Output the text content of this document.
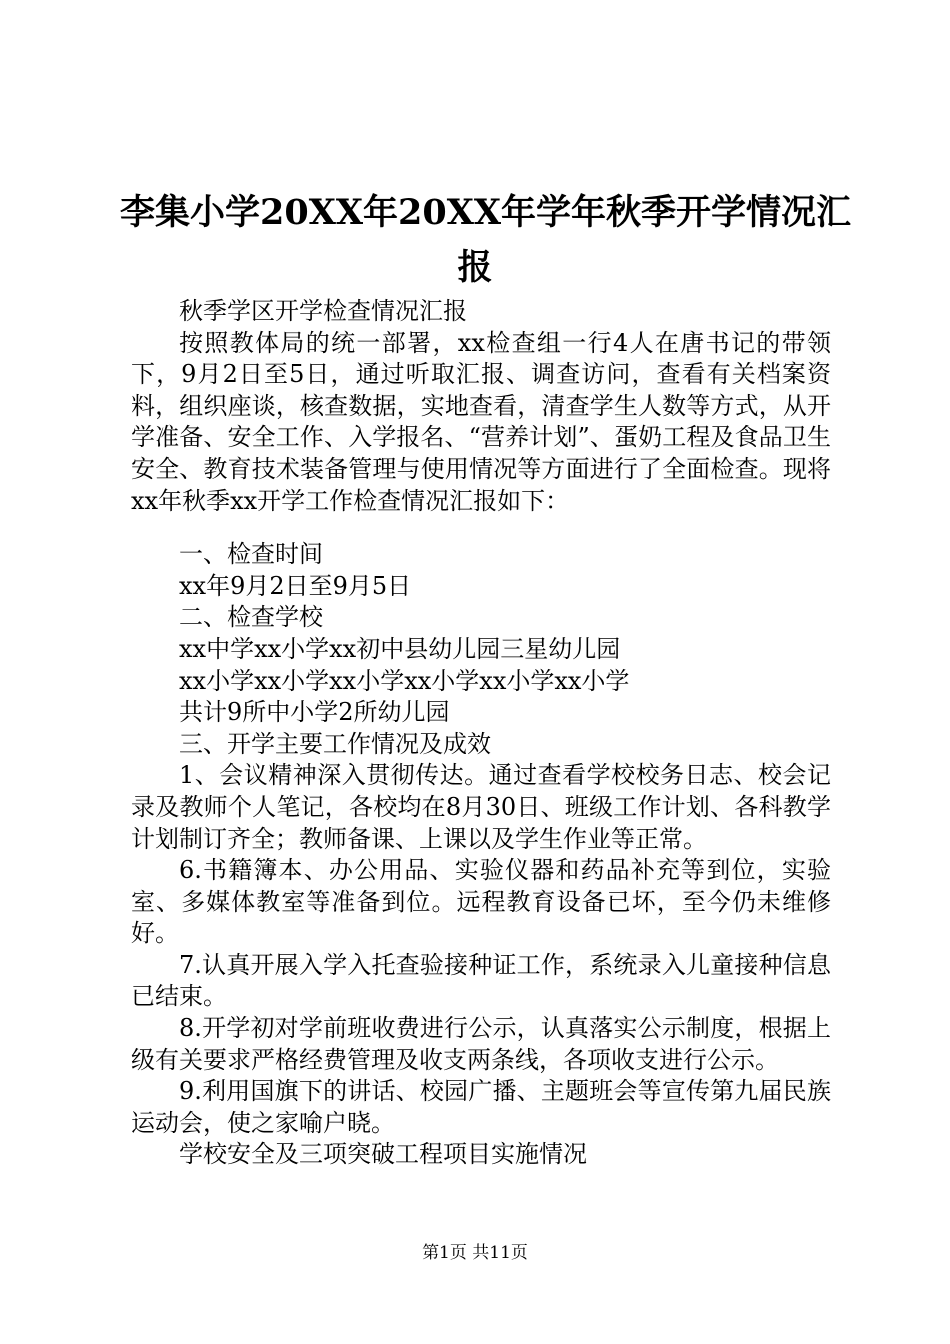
李集小学20XX年20XX年学年秋季开学情况汇
报

秋季学区开学检查情况汇报

按照教体局的统一部署，xx检查组一行4人在唐书记的带领下，9月2日至5日，通过听取汇报、调查访问，查看有关档案资料，组织座谈，核查数据，实地查看，清查学生人数等方式，从开学准备、安全工作、入学报名、“营养计划”、蛋奶工程及食品卫生安全、教育技术装备管理与使用情况等方面进行了全面检查。现将xx年秋季xx开学工作检查情况汇报如下：

一、检查时间

xx年9月2日至9月5日

二、检查学校

xx中学xx小学xx初中县幼儿园三星幼儿园

xx小学xx小学xx小学xx小学xx小学xx小学

共计9所中小学2所幼儿园

三、开学主要工作情况及成效

1、会议精神深入贯彻传达。通过查看学校校务日志、校会记录及教师个人笔记，各校均在8月30日、班级工作计划、各科教学计划制订齐全；教师备课、上课以及学生作业等正常。

6.书籍簿本、办公用品、实验仪器和药品补充等到位，实验室、多媒体教室等准备到位。远程教育设备已坏，至今仍未维修好。

7.认真开展入学入托查验接种证工作，系统录入儿童接种信息已结束。

8.开学初对学前班收费进行公示，认真落实公示制度，根据上级有关要求严格经费管理及收支两条线，各项收支进行公示。

9.利用国旗下的讲话、校园广播、主题班会等宣传第九届民族运动会，使之家喻户晓。

学校安全及三项突破工程项目实施情况

第1页 共11页
